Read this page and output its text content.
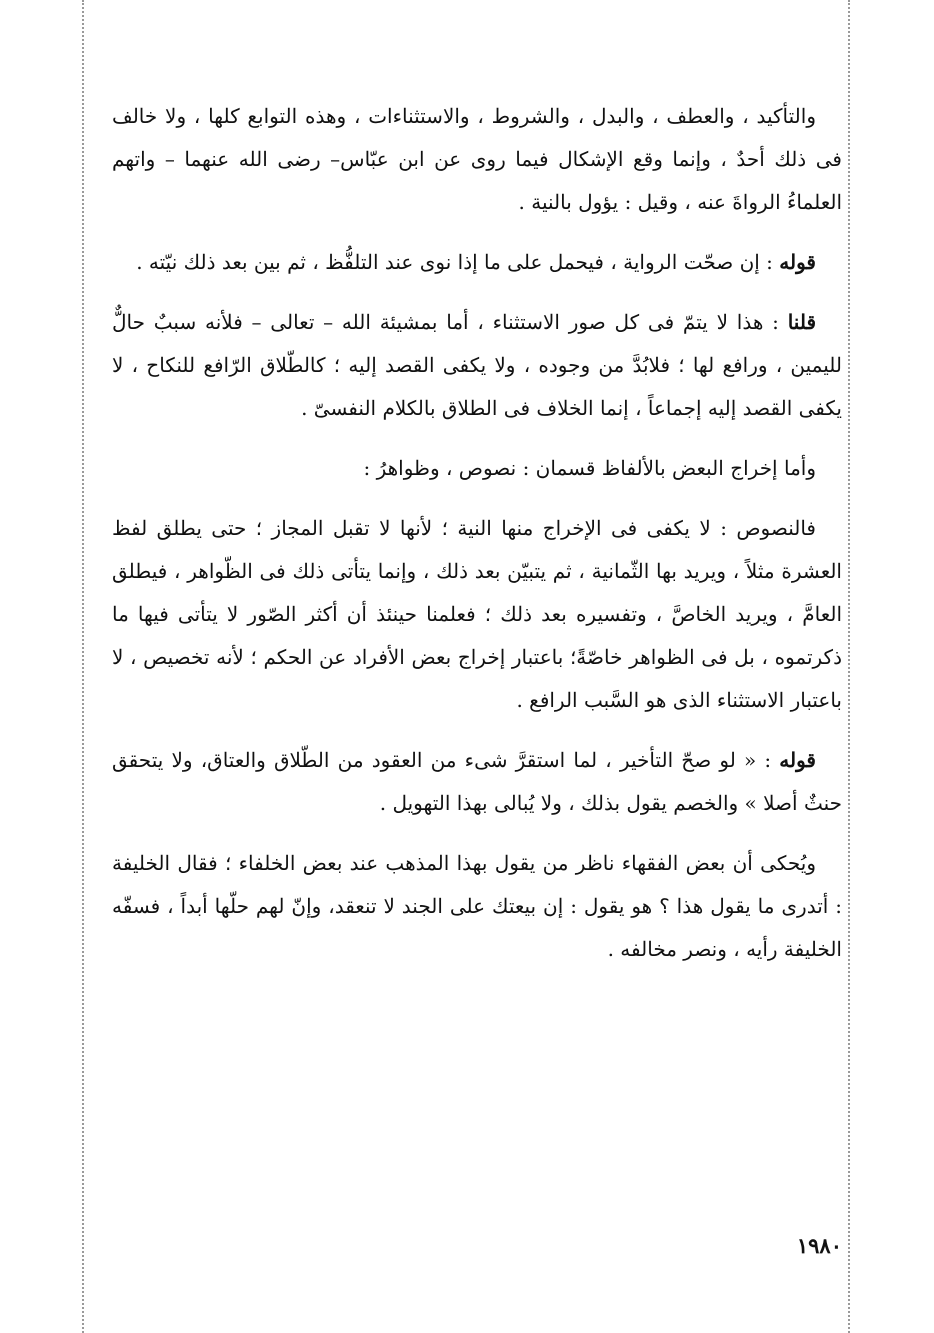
والتأكيد ، والعطف ، والبدل ، والشروط ، والاستثناءات ، وهذه التوابع كلها ، ولا خالف فى ذلك أحدٌ ، وإنما وقع الإشكال فيما روى عن ابن عبّاس– رضى الله عنهما – واتهم العلماءُ الرواةَ عنه ، وقيل : يؤول بالنية .

قوله : إن صحّت الرواية ، فيحمل على ما إذا نوى عند التلفُّظ ، ثم بين بعد ذلك نيّته .

قلنا : هذا لا يتمّ فى كل صور الاستثناء ، أما بمشيئة الله – تعالى – فلأنه سببٌ حالٌّ لليمين ، ورافع لها ؛ فلابُدَّ من وجوده ، ولا يكفى القصد إليه ؛ كالطّلاق الرّافع للنكاح ، لا يكفى القصد إليه إجماعاً ، إنما الخلاف فى الطلاق بالكلام النفسىّ .

وأما إخراج البعض بالألفاظ قسمان : نصوص ، وظواهرُ :

فالنصوص : لا يكفى فى الإخراج منها النية ؛ لأنها لا تقبل المجاز ؛ حتى يطلق لفظ العشرة مثلاً ، ويريد بها الثّمانية ، ثم يتبيّن بعد ذلك ، وإنما يتأتى ذلك فى الظّواهر ، فيطلق العامَّ ، ويريد الخاصَّ ، وتفسيره بعد ذلك ؛ فعلمنا حينئذ أن أكثر الصّور لا يتأتى فيها ما ذكرتموه ، بل فى الظواهر خاصّةً؛ باعتبار إخراج بعض الأفراد عن الحكم ؛ لأنه تخصيص ، لا باعتبار الاستثناء الذى هو السَّبب الرافع .

قوله : « لو صحّ التأخير ، لما استقرَّ شىء من العقود من الطّلاق والعتاق، ولا يتحقق حنثٌ أصلا » والخصم يقول بذلك ، ولا يُبالى بهذا التهويل .

ويُحكى أن بعض الفقهاء ناظر من يقول بهذا المذهب عند بعض الخلفاء ؛ فقال الخليفة : أتدرى ما يقول هذا ؟ هو يقول : إن بيعتك على الجند لا تنعقد، وإنّ لهم حلّها أبداً ، فسفّه الخليفة رأيه ، ونصر مخالفه .

١٩٨٠
